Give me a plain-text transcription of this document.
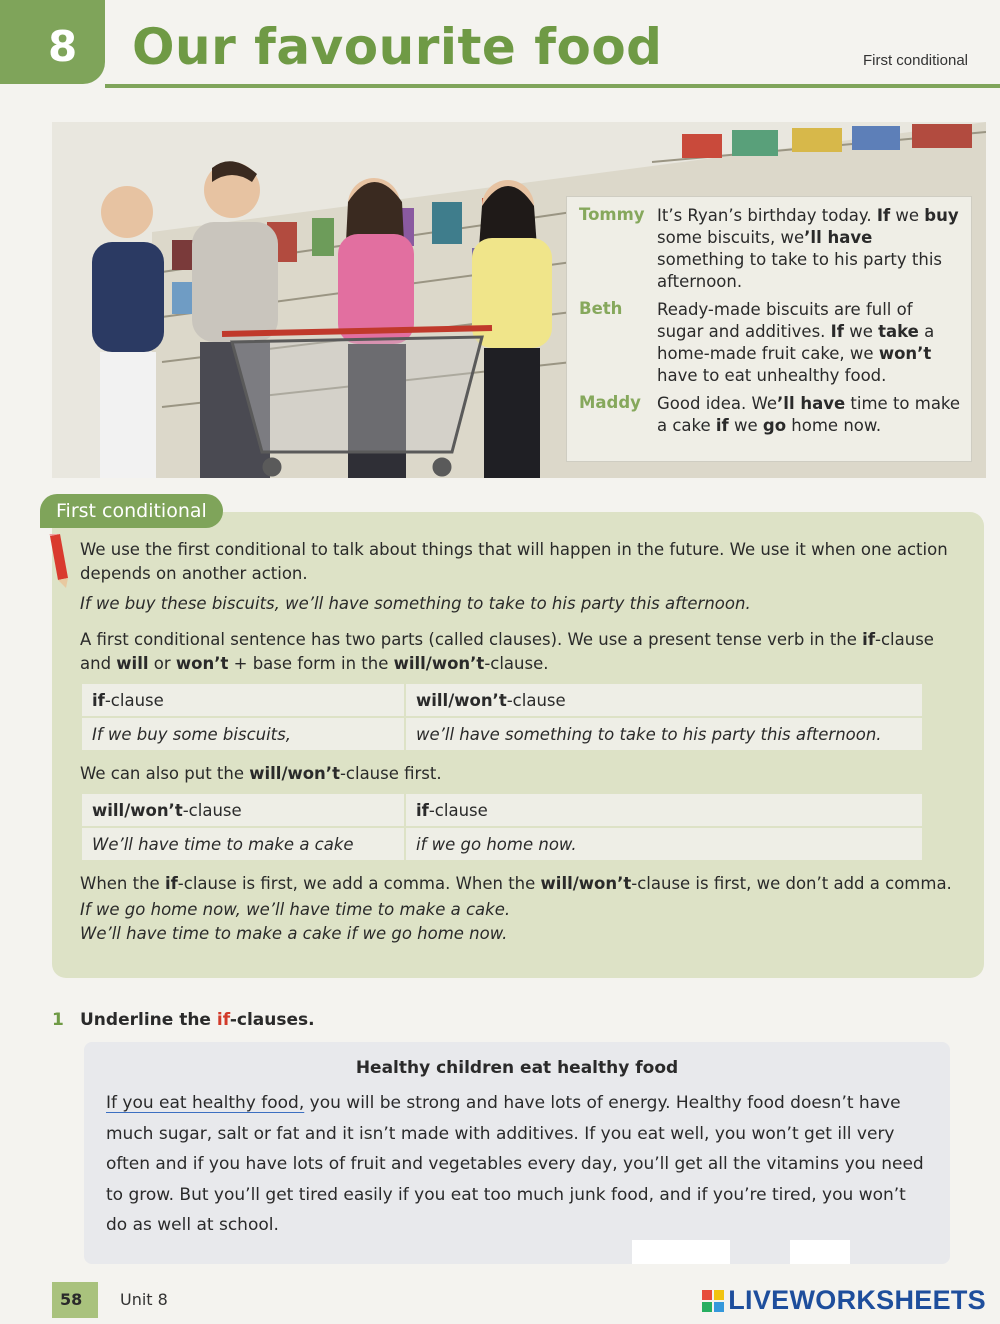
8 Our favourite food	First conditional
Tommy It’s Ryan’s birthday today. If we buy some biscuits, we’ll have something to take to his party this afternoon.
Beth	Ready-made biscuits are full of sugar and additives. If we take a home-made fruit cake, we won’t have to eat unhealthy food.
Maddy Good idea. We’ll have time to make a cake if we go home now.

We use the first conditional to talk about things that will happen in the future. We use it when one action depends on another action.

If we buy these biscuits, we’ll have something to take to his party this afternoon.

A first conditional sentence has two parts (called clauses). We use a present tense verb in the if-clause and will or won’t + base form in the will/won’t-clause.

if-clause	will/won’t-clause
If we buy some biscuits,	we’ll have something to take to his party this afternoon.

We can also put the will/won’t-clause first.

will/won’t-clause	if-clause
We’ll have time to make a cake	if we go home now.

When the if-clause is first, we add a comma. When the will/won’t-clause is first, we don’t add a comma.

If we go home now, we’ll have time to make a cake.

We’ll have time to make a cake if we go home now.

First conditional
1 Underline the if-clauses.
Healthy children eat healthy food
If you eat healthy food, you will be strong and have lots of energy. Healthy food doesn’t have much sugar, salt or fat and it isn’t made with additives. If you eat well, you won’t get ill very often and if you have lots of fruit and vegetables every day, you’ll get all the vitamins you need to grow. But you’ll get tired easily if you eat too much junk food, and if you’re tired, you won’t do as well at school.
58 Unit 8	LIVEWORKSHEETS
